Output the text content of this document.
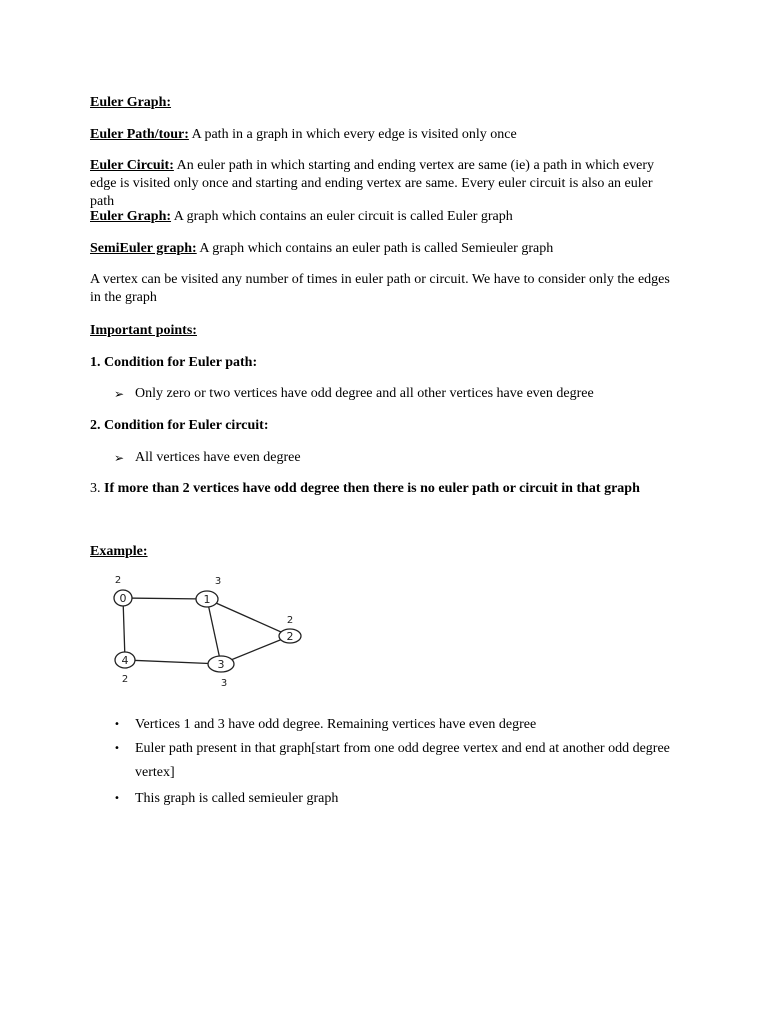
Euler Graph:
Euler Path/tour: A path in a graph in which every edge is visited only once
Euler Circuit: An euler path in which starting and ending vertex are same (ie) a path in which every edge is visited only once and starting and ending vertex are same. Every euler circuit is also an euler path
Euler Graph: A graph which contains an euler circuit is called Euler graph
SemiEuler graph: A graph which contains an euler path is called Semieuler graph
A vertex can be visited any number of times in euler path or circuit. We have to consider only the edges in the graph
Important points:
1. Condition for Euler path:
➢ Only zero or two vertices have odd degree and all other vertices have even degree
2. Condition for Euler circuit:
➢ All vertices have even degree
3. If more than 2 vertices have odd degree then there is no euler path or circuit in that graph
Example:
• Vertices 1 and 3 have odd degree. Remaining vertices have even degree
• Euler path present in that graph[start from one odd degree vertex and end at another odd degree vertex]
• This graph is called semieuler graph
0
2
1
3
2
2
3
3
4
2
